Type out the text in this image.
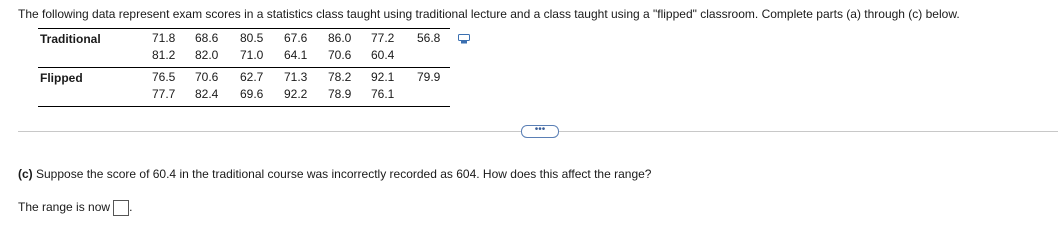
The following data represent exam scores in a statistics class taught using traditional lecture and a class taught using a "flipped" classroom. Complete parts (a) through (c) below.
Traditional	71.8	68.6	80.5	67.6	86.0	77.2	56.8
81.2	82.0	71.0	64.1	70.6	60.4
Flipped	76.5	70.6	62.7	71.3	78.2	92.1	79.9
77.7	82.4	69.6	92.2	78.9	76.1
•••
(c) Suppose the score of 60.4 in the traditional course was incorrectly recorded as 604. How does this affect the range?
The range is now .
